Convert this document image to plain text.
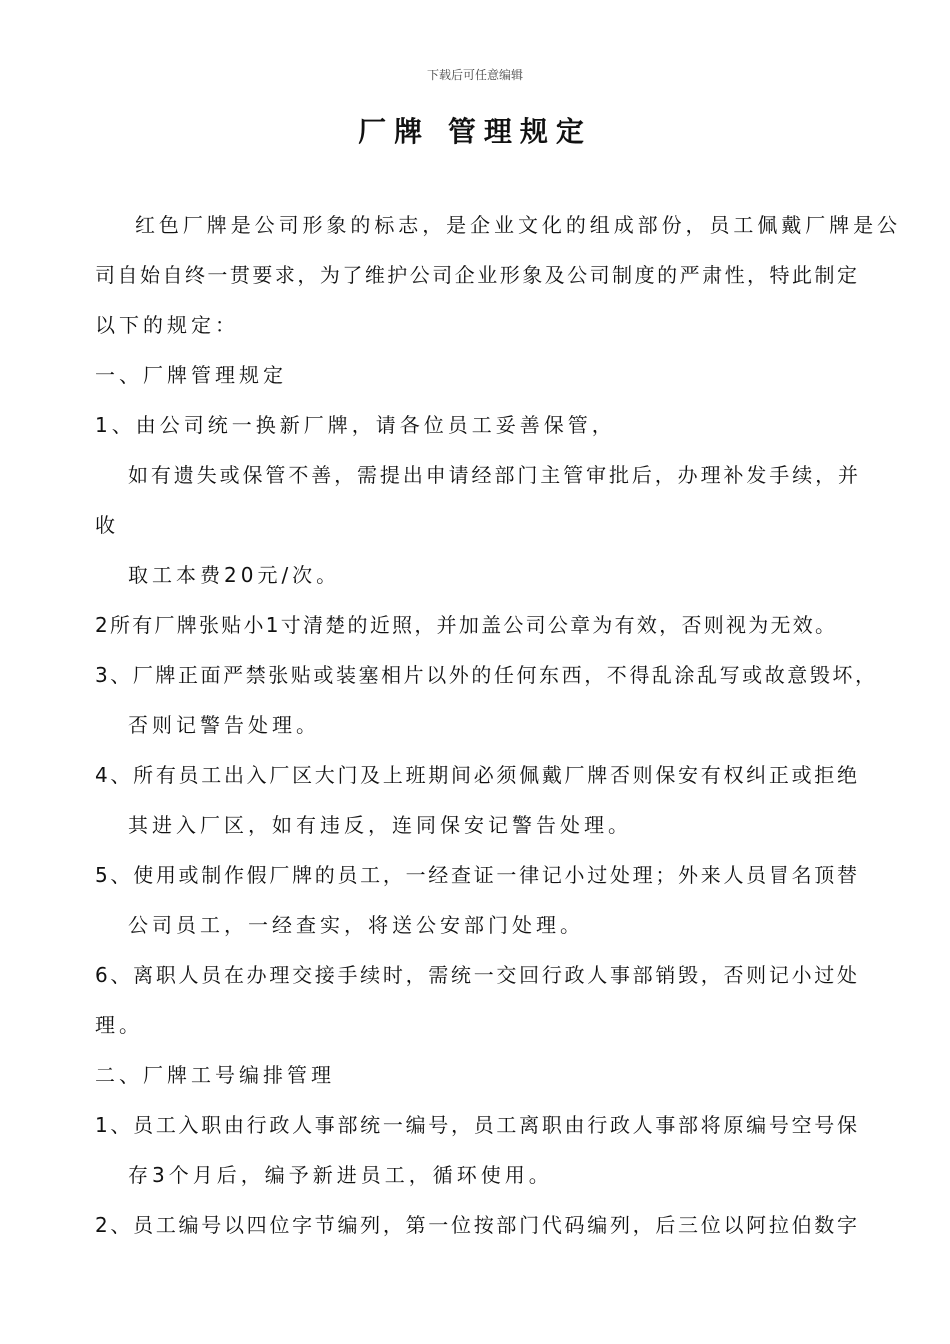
下载后可任意编辑
厂牌 管理规定
红色厂牌是公司形象的标志，是企业文化的组成部份，员工佩戴厂牌是公
司自始自终一贯要求，为了维护公司企业形象及公司制度的严肃性，特此制定
以下的规定：
一、厂牌管理规定
1、由公司统一换新厂牌，请各位员工妥善保管，
如有遗失或保管不善，需提出申请经部门主管审批后，办理补发手续，并
收
取工本费20元/次。
2所有厂牌张贴小1寸清楚的近照，并加盖公司公章为有效，否则视为无效。
3、厂牌正面严禁张贴或装塞相片以外的任何东西，不得乱涂乱写或故意毁坏，
否则记警告处理。
4、所有员工出入厂区大门及上班期间必须佩戴厂牌否则保安有权纠正或拒绝
其进入厂区，如有违反，连同保安记警告处理。
5、使用或制作假厂牌的员工，一经查证一律记小过处理；外来人员冒名顶替
公司员工，一经查实，将送公安部门处理。
6、离职人员在办理交接手续时，需统一交回行政人事部销毁，否则记小过处
理。
二、厂牌工号编排管理
1、员工入职由行政人事部统一编号，员工离职由行政人事部将原编号空号保
存3个月后，编予新进员工，循环使用。
2、员工编号以四位字节编列，第一位按部门代码编列，后三位以阿拉伯数字
